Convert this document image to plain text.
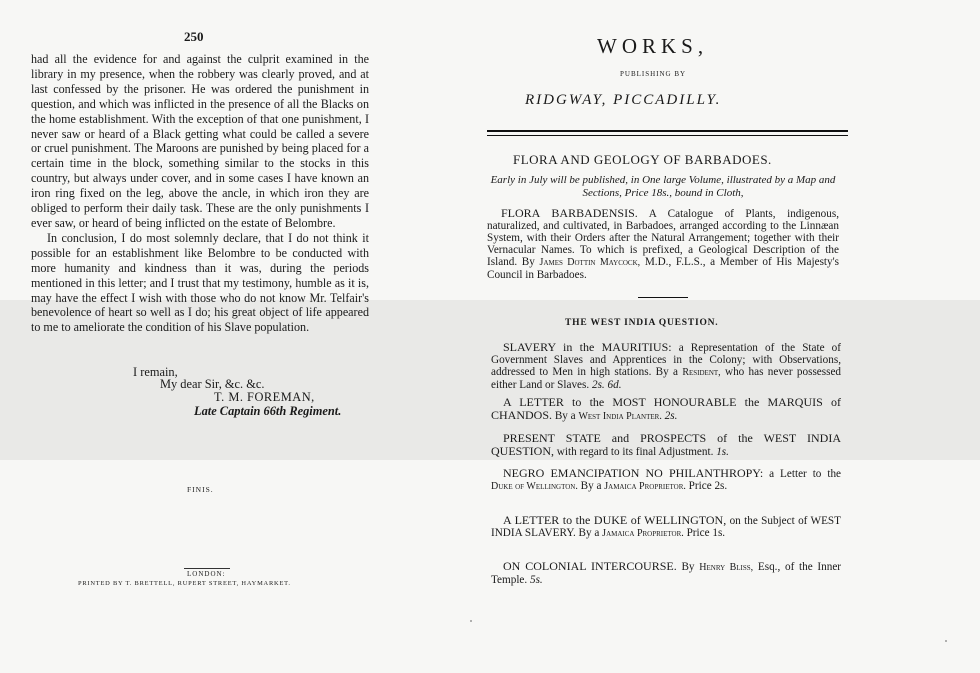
250

had all the evidence for and against the culprit examined in the library in my presence, when the robbery was clearly proved, and at last confessed by the prisoner. He was ordered the punishment in question, and which was inflicted in the presence of all the Blacks on the home establishment. With the exception of that one punishment, I never saw or heard of a Black getting what could be called a severe or cruel punishment. The Maroons are punished by being placed for a certain time in the block, something similar to the stocks in this country, but always under cover, and in some cases I have known an iron ring fixed on the leg, above the ancle, in which iron they are obliged to perform their daily task. These are the only punishments I ever saw, or heard of being inflicted on the estate of Belombre.

In conclusion, I do most solemnly declare, that I do not think it possible for an establishment like Belombre to be conducted with more humanity and kindness than it was, during the periods mentioned in this letter; and I trust that my testimony, humble as it is, may have the effect I wish with those who do not know Mr. Telfair's benevolence of heart so well as I do; his great object of life appeared to me to ameliorate the condition of his Slave population.

I remain,
My dear Sir, &c. &c.
T. M. FOREMAN,
Late Captain 66th Regiment.
FINIS.
LONDON:
PRINTED BY T. BRETTELL, RUPERT STREET, HAYMARKET.
WORKS,
PUBLISHING BY
RIDGWAY, PICCADILLY.
FLORA AND GEOLOGY OF BARBADOES.
Early in July will be published, in One large Volume, illustrated by a Map and Sections, Price 18s., bound in Cloth,
FLORA BARBADENSIS. A Catalogue of Plants, indigenous, naturalized, and cultivated, in Barbadoes, arranged according to the Linnæan System, with their Orders after the Natural Arrangement; together with their Vernacular Names. To which is prefixed, a Geological Description of the Island. By James Dottin Maycock, M.D., F.L.S., a Member of His Majesty's Council in Barbadoes.
THE WEST INDIA QUESTION.
SLAVERY in the MAURITIUS: a Representation of the State of Government Slaves and Apprentices in the Colony; with Observations, addressed to Men in high stations. By a Resident, who has never possessed either Land or Slaves. 2s. 6d.
A LETTER to the MOST HONOURABLE the MARQUIS of CHANDOS. By a West India Planter. 2s.
PRESENT STATE and PROSPECTS of the WEST INDIA QUESTION, with regard to its final Adjustment. 1s.
NEGRO EMANCIPATION NO PHILANTHROPY: a Letter to the Duke of Wellington. By a Jamaica Proprietor. Price 2s.
A LETTER to the DUKE of WELLINGTON, on the Subject of WEST INDIA SLAVERY. By a Jamaica Proprietor. Price 1s.
ON COLONIAL INTERCOURSE. By Henry Bliss, Esq., of the Inner Temple. 5s.
